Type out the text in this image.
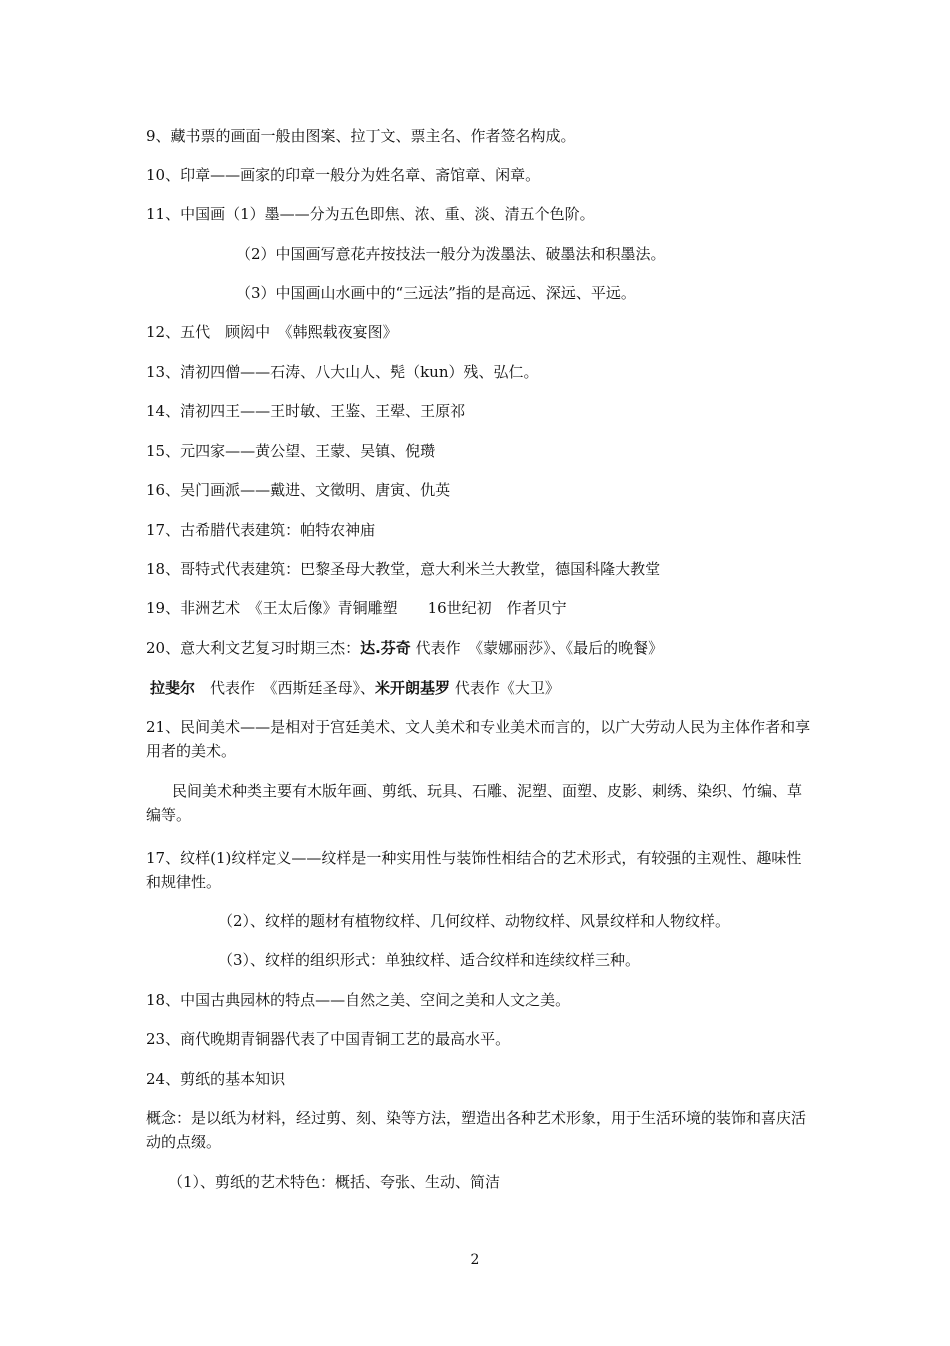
9、藏书票的画面一般由图案、拉丁文、票主名、作者签名构成。
10、印章——画家的印章一般分为姓名章、斋馆章、闲章。
11、中国画（1）墨——分为五色即焦、浓、重、淡、清五个色阶。
（2）中国画写意花卉按技法一般分为泼墨法、破墨法和积墨法。
（3）中国画山水画中的“三远法”指的是高远、深远、平远。
12、五代　顾闳中　《韩熙载夜宴图》
13、清初四僧——石涛、八大山人、髡（kun）残、弘仁。
14、清初四王——王时敏、王鉴、王翚、王原祁
15、元四家——黄公望、王蒙、吴镇、倪瓒
16、吴门画派——戴进、文徵明、唐寅、仇英
17、古希腊代表建筑：帕特农神庙
18、哥特式代表建筑：巴黎圣母大教堂，意大利米兰大教堂，德国科隆大教堂
19、非洲艺术　《王太后像》青铜雕塑　　16世纪初　作者贝宁
20、意大利文艺复习时期三杰：达.芬奇 代表作　《蒙娜丽莎》、《最后的晚餐》
拉斐尔　代表作　《西斯廷圣母》、米开朗基罗 代表作《大卫》
21、民间美术——是相对于宫廷美术、文人美术和专业美术而言的，以广大劳动人民为主体作者和享用者的美术。
民间美术种类主要有木版年画、剪纸、玩具、石雕、泥塑、面塑、皮影、刺绣、染织、竹编、草编等。
17、纹样(1)纹样定义——纹样是一种实用性与装饰性相结合的艺术形式，有较强的主观性、趣味性和规律性。
（2）、纹样的题材有植物纹样、几何纹样、动物纹样、风景纹样和人物纹样。
（3）、纹样的组织形式：单独纹样、适合纹样和连续纹样三种。
18、中国古典园林的特点——自然之美、空间之美和人文之美。
23、商代晚期青铜器代表了中国青铜工艺的最高水平。
24、剪纸的基本知识
概念：是以纸为材料，经过剪、刻、染等方法，塑造出各种艺术形象，用于生活环境的装饰和喜庆活动的点缀。
（1）、剪纸的艺术特色：概括、夸张、生动、简洁
2
